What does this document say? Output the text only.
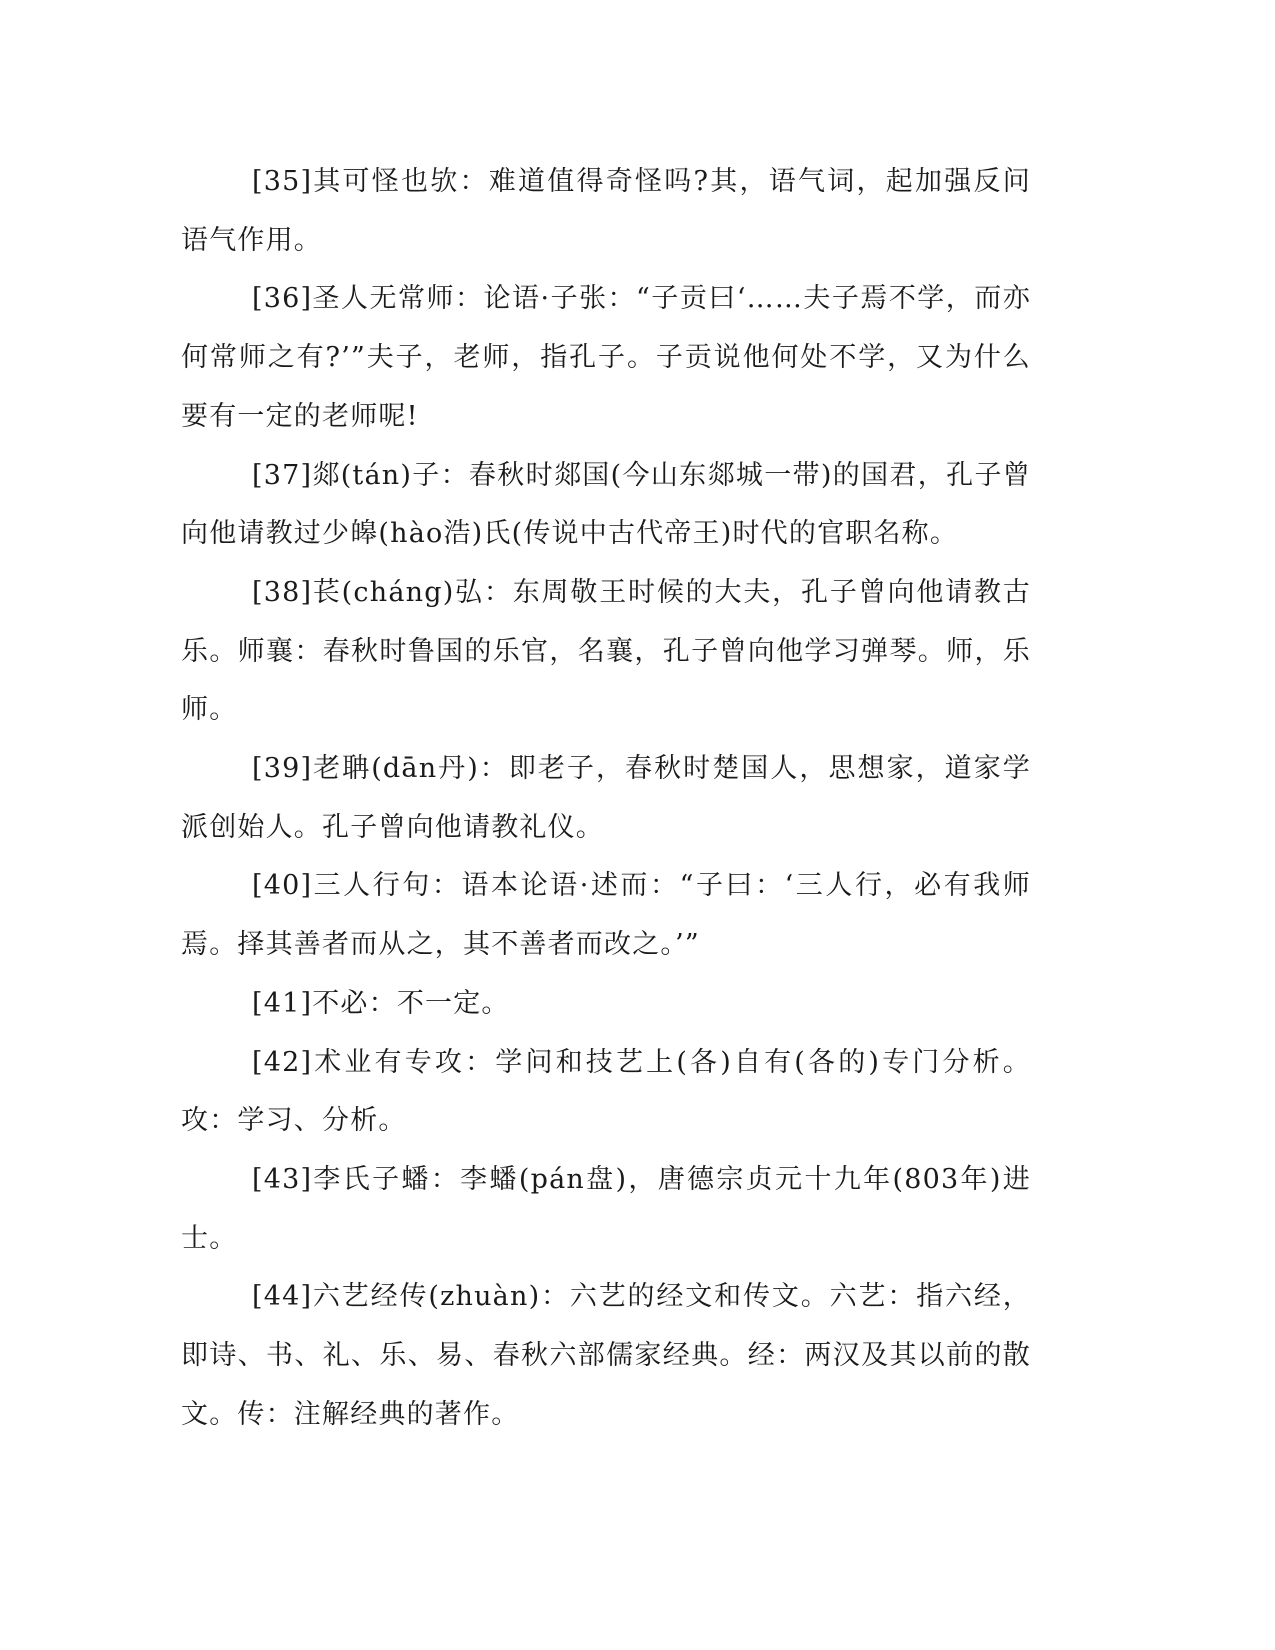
[35]其可怪也欤：难道值得奇怪吗?其，语气词，起加强反问语气作用。

[36]圣人无常师：论语·子张：“子贡曰‘……夫子焉不学，而亦何常师之有?’”夫子，老师，指孔子。子贡说他何处不学，又为什么要有一定的老师呢!

[37]郯(tán)子：春秋时郯国(今山东郯城一带)的国君，孔子曾向他请教过少皞(hào浩)氏(传说中古代帝王)时代的官职名称。

[38]苌(cháng)弘：东周敬王时候的大夫，孔子曾向他请教古乐。师襄：春秋时鲁国的乐官，名襄，孔子曾向他学习弹琴。师，乐师。

[39]老聃(dān丹)：即老子，春秋时楚国人，思想家，道家学派创始人。孔子曾向他请教礼仪。

[40]三人行句：语本论语·述而：“子曰：‘三人行，必有我师焉。择其善者而从之，其不善者而改之。’”

[41]不必：不一定。

[42]术业有专攻：学问和技艺上(各)自有(各的)专门分析。攻：学习、分析。

[43]李氏子蟠：李蟠(pán盘)，唐德宗贞元十九年(803年)进士。

[44]六艺经传(zhuàn)：六艺的经文和传文。六艺：指六经，即诗、书、礼、乐、易、春秋六部儒家经典。经：两汉及其以前的散文。传：注解经典的著作。
